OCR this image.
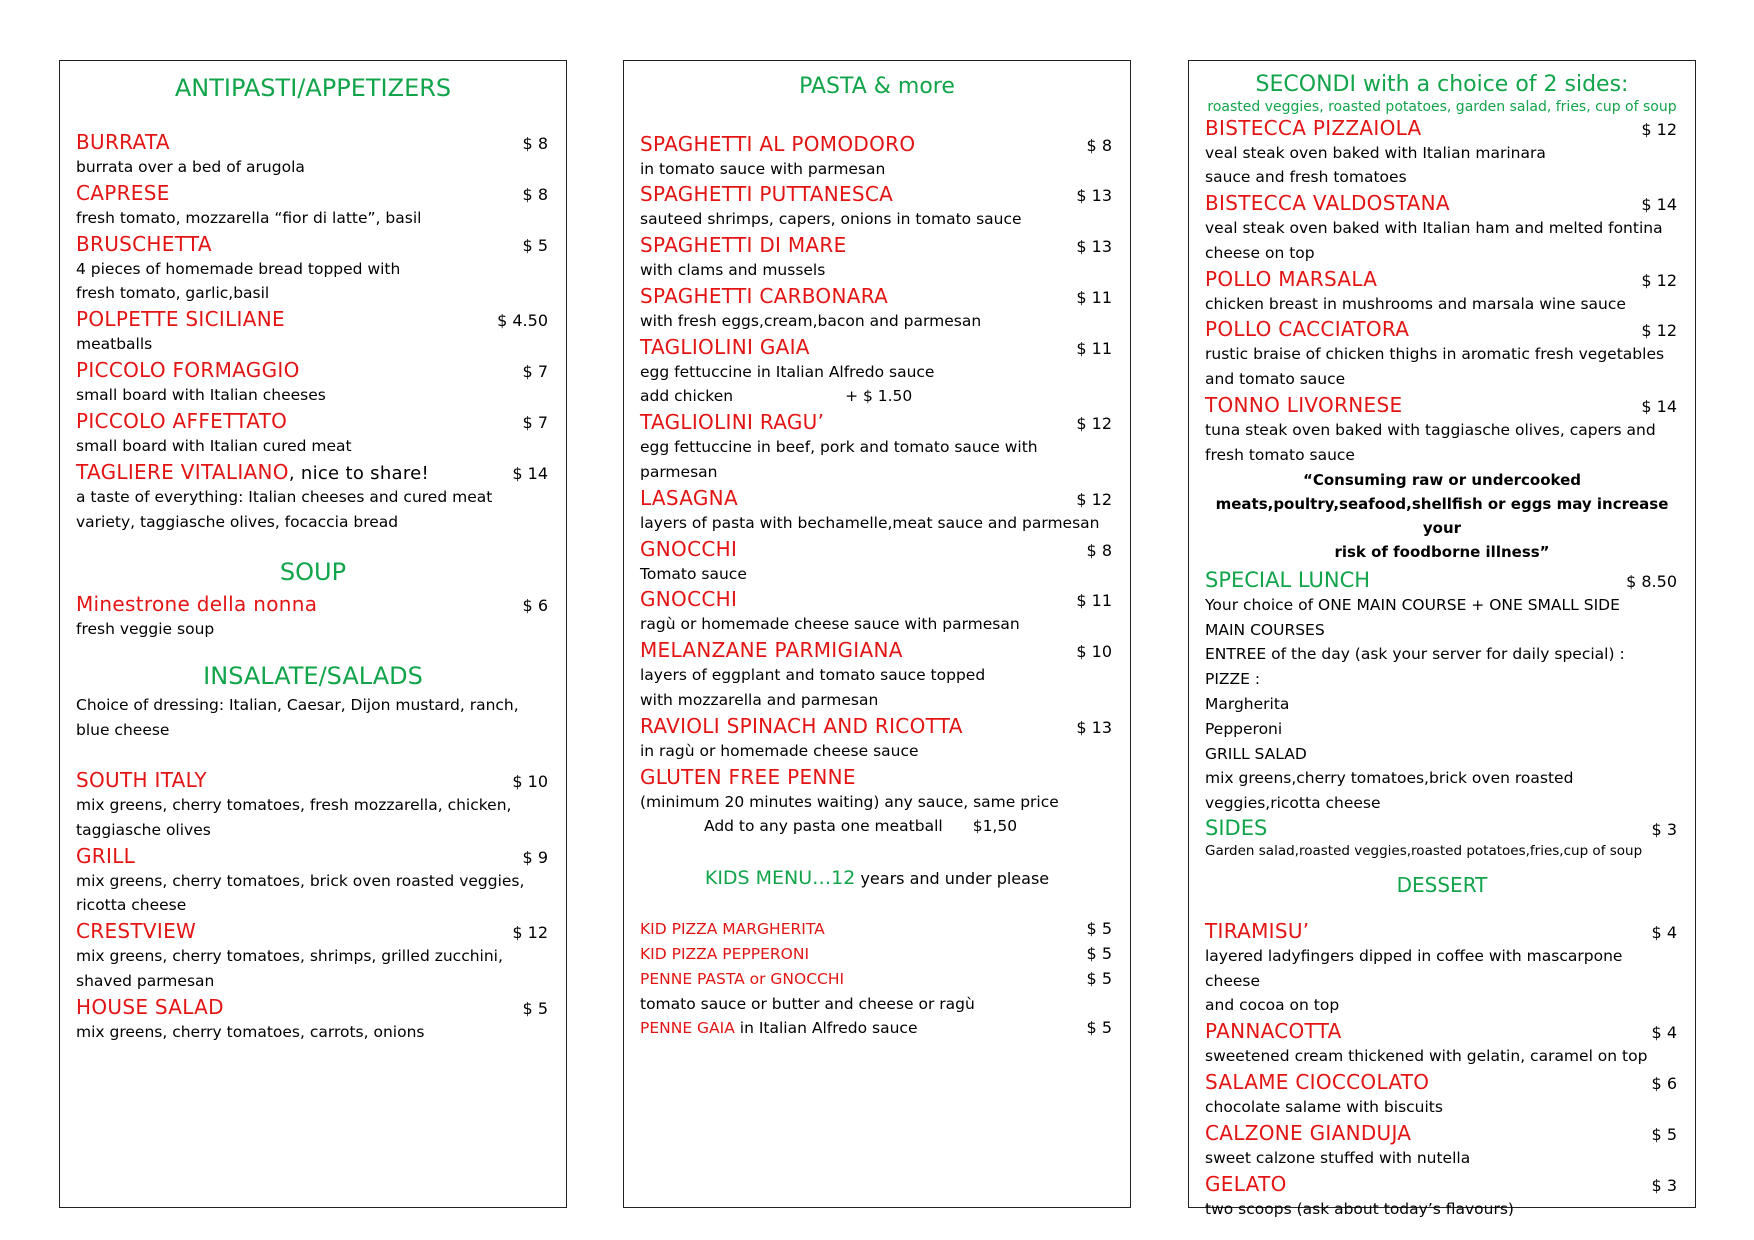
ANTIPASTI/APPETIZERS
BURRATA	$ 8
burrata over a bed of arugola
CAPRESE	$ 8
fresh tomato, mozzarella “fior di latte”, basil
BRUSCHETTA	$ 5
4 pieces of homemade bread topped with
fresh tomato, garlic,basil
POLPETTE SICILIANE	$ 4.50
meatballs
PICCOLO FORMAGGIO	$ 7
small board with Italian cheeses
PICCOLO AFFETTATO	$ 7
small board with Italian cured meat
TAGLIERE VITALIANO, nice to share!	$ 14
a taste of everything: Italian cheeses and cured meat
variety, taggiasche olives, focaccia bread
SOUP
Minestrone della nonna	$ 6
fresh veggie soup
INSALATE/SALADS
Choice of dressing: Italian, Caesar, Dijon mustard, ranch,
blue cheese
SOUTH ITALY	$ 10
mix greens, cherry tomatoes, fresh mozzarella, chicken,
taggiasche olives
GRILL	$ 9
mix greens, cherry tomatoes, brick oven roasted veggies,
ricotta cheese
CRESTVIEW	$ 12
mix greens, cherry tomatoes, shrimps, grilled zucchini,
shaved parmesan
HOUSE SALAD	$ 5
mix greens, cherry tomatoes, carrots, onions
PASTA & more
SPAGHETTI AL POMODORO	$ 8
in tomato sauce with parmesan
SPAGHETTI PUTTANESCA	$ 13
sauteed shrimps, capers, onions in tomato sauce
SPAGHETTI DI MARE	$ 13
with clams and mussels
SPAGHETTI CARBONARA	$ 11
with fresh eggs,cream,bacon and parmesan
TAGLIOLINI GAIA	$ 11
egg fettuccine in Italian Alfredo sauce
add chicken	+ $ 1.50
TAGLIOLINI RAGU’	$ 12
egg fettuccine in beef, pork and tomato sauce with
parmesan
LASAGNA	$ 12
layers of pasta with bechamelle,meat sauce and parmesan
GNOCCHI	$ 8
Tomato sauce
GNOCCHI	$ 11
ragù or homemade cheese sauce with parmesan
MELANZANE PARMIGIANA	$ 10
layers of eggplant and tomato sauce topped
with mozzarella and parmesan
RAVIOLI SPINACH AND RICOTTA	$ 13
in ragù or homemade cheese sauce
GLUTEN FREE PENNE
(minimum 20 minutes waiting) any sauce, same price
Add to any pasta one meatball $1,50
KIDS MENU…12 years and under please
KID PIZZA MARGHERITA	$ 5
KID PIZZA PEPPERONI	$ 5
PENNE PASTA or GNOCCHI	$ 5
tomato sauce or butter and cheese or ragù
PENNE GAIA in Italian Alfredo sauce	$ 5
SECONDI with a choice of 2 sides:
roasted veggies, roasted potatoes, garden salad, fries, cup of soup
BISTECCA PIZZAIOLA	$ 12
veal steak oven baked with Italian marinara
sauce and fresh tomatoes
BISTECCA VALDOSTANA	$ 14
veal steak oven baked with Italian ham and melted fontina
cheese on top
POLLO MARSALA	$ 12
chicken breast in mushrooms and marsala wine sauce
POLLO CACCIATORA	$ 12
rustic braise of chicken thighs in aromatic fresh vegetables
and tomato sauce
TONNO LIVORNESE	$ 14
tuna steak oven baked with taggiasche olives, capers and
fresh tomato sauce
“Consuming raw or undercooked
meats,poultry,seafood,shellfish or eggs may increase your
risk of foodborne illness”
SPECIAL LUNCH	$ 8.50
Your choice of ONE MAIN COURSE + ONE SMALL SIDE
MAIN COURSES
ENTREE of the day (ask your server for daily special) :
PIZZE :
Margherita
Pepperoni
GRILL SALAD
mix greens,cherry tomatoes,brick oven roasted
veggies,ricotta cheese
SIDES	$ 3
Garden salad,roasted veggies,roasted potatoes,fries,cup of soup
DESSERT
TIRAMISU’	$ 4
layered ladyfingers dipped in coffee with mascarpone cheese
and cocoa on top
PANNACOTTA	$ 4
sweetened cream thickened with gelatin, caramel on top
SALAME CIOCCOLATO	$ 6
chocolate salame with biscuits
CALZONE GIANDUJA	$ 5
sweet calzone stuffed with nutella
GELATO	$ 3
two scoops (ask about today’s flavours)
